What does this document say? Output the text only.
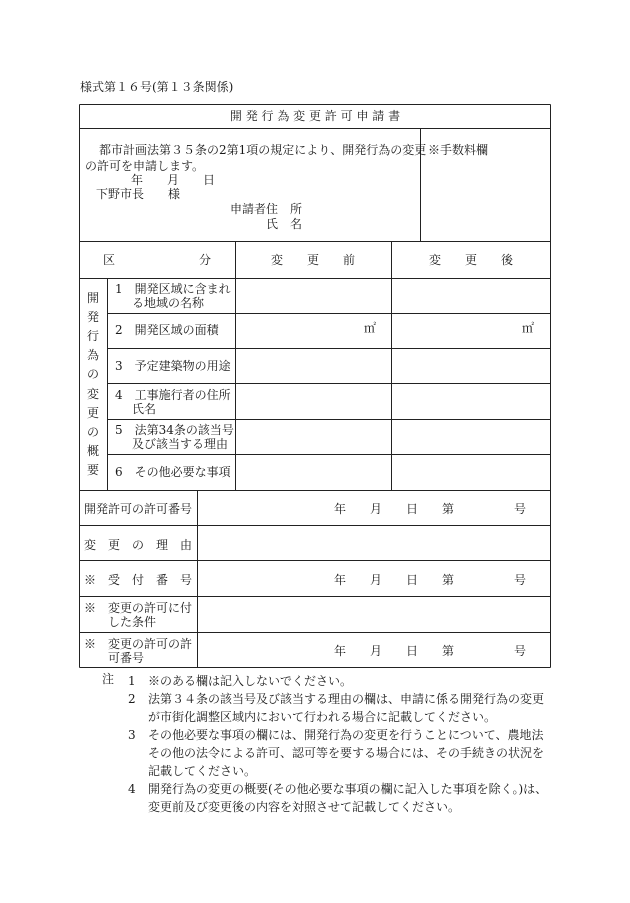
様式第１６号(第１３条関係)
開 発 行 為 変 更 許 可 申 請 書
都市計画法第３５条の2第1項の規定により、開発行為の変更
の許可を申請します。
年　　月　　日
下野市長　　様
申請者住　所
氏　名
※手数料欄
区　　　　　　　分	変　　更　　前	変　　更　　後
開
発
行
為
の
変
更
の
概
要
1　開発区域に含まれ
る地域の名称
2　開発区域の面積	㎡	㎡
3　予定建築物の用途
4　工事施行者の住所
氏名
5　法第34条の該当号
及び該当する理由
6　その他必要な事項
開発許可の許可番号	年　　月　　日　　第　　　　　号
変　更　の　理　由
※　受　付　番　号	年　　月　　日　　第　　　　　号
※　変更の許可に付
した条件
※　変更の許可の許
可番号	年　　月　　日　　第　　　　　号
注 1	※のある欄は記入しないでください。
2	法第３４条の該当号及び該当する理由の欄は、申請に係る開発行為の変更が市街化調整区域内において行われる場合に記載してください。
3	その他必要な事項の欄には、開発行為の変更を行うことについて、農地法その他の法令による許可、認可等を要する場合には、その手続きの状況を記載してください。
4	開発行為の変更の概要(その他必要な事項の欄に記入した事項を除く。)は、変更前及び変更後の内容を対照させて記載してください。
